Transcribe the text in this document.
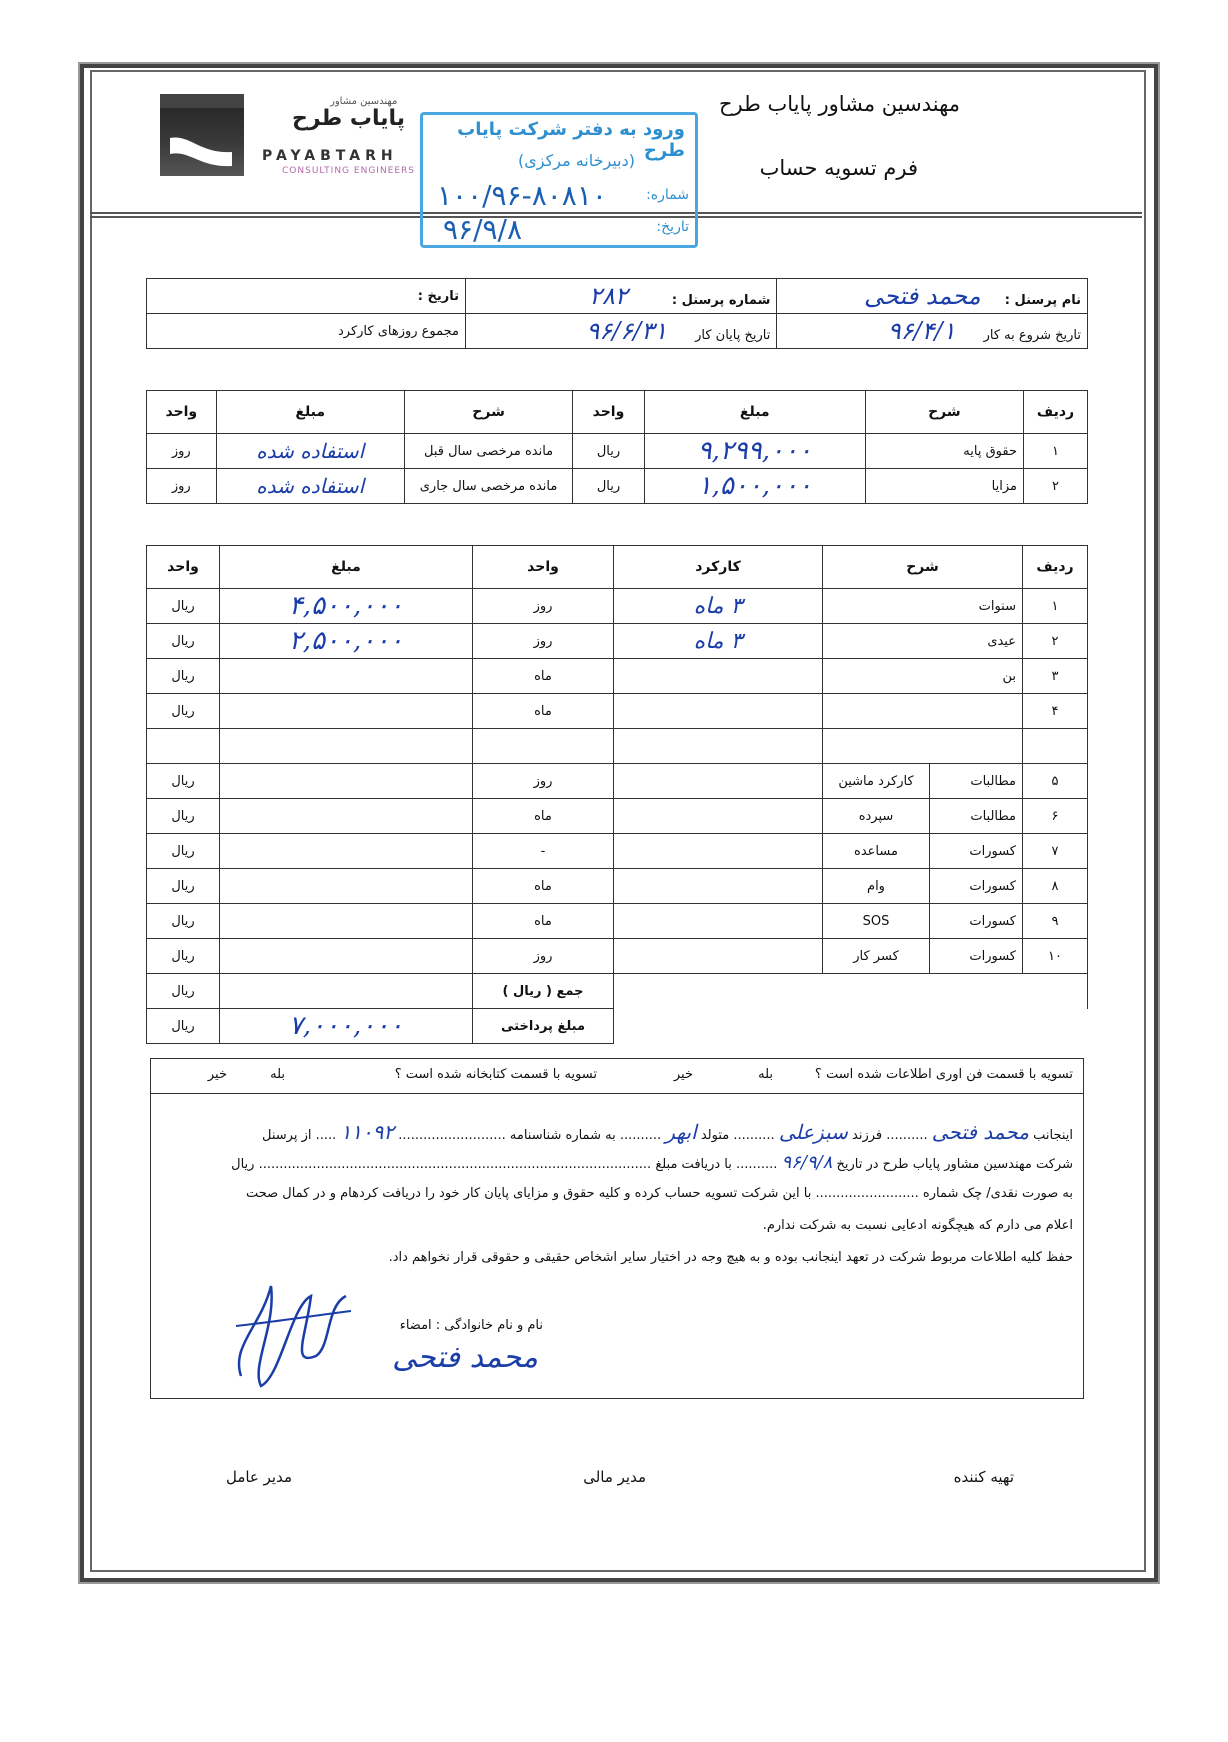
مهندسین مشاور
پایاب طرح
PAYABTARH
CONSULTING ENGINEERS
مهندسین مشاور پایاب طرح
فرم تسویه حساب
ورود به دفتر شرکت پایاب طرح
(دبیرخانه مرکزی)
شماره:
۱۰۰/۹۶-۸۰۸۱۰
تاریخ:
۹۶/۹/۸
نام پرسنل : محمد فتحی	شماره پرسنل : ۲۸۲	تاریخ :
تاریخ شروع به کار ۹۶/۴/۱	تاریخ پایان کار ۹۶/۶/۳۱	مجموع روزهای کارکرد
ردیف	شرح	مبلغ	واحد	شرح	مبلغ	واحد
۱	حقوق پایه	۹,۲۹۹,۰۰۰	ریال	مانده مرخصی سال قبل	استفاده شده	روز
۲	مزایا	۱,۵۰۰,۰۰۰	ریال	مانده مرخصی سال جاری	استفاده شده	روز
ردیف	شرح		کارکرد	واحد	مبلغ	واحد
۱	سنوات		۳ ماه	روز	۴,۵۰۰,۰۰۰	ریال
۲	عیدی		۳ ماه	روز	۲,۵۰۰,۰۰۰	ریال
۳	بن			ماه		ریال
۴				ماه		ریال

۵	مطالبات	کارکرد ماشین		روز		ریال
۶	مطالبات	سپرده		ماه		ریال
۷	کسورات	مساعده		-		ریال
۸	کسورات	وام		ماه		ریال
۹	کسورات	SOS		ماه		ریال
۱۰	کسورات	کسر کار		روز		ریال
				جمع ( ریال )		ریال
				مبلغ پرداختی	۷,۰۰۰,۰۰۰	ریال
تسویه با قسمت فن اوری اطلاعات شده است ؟
بله
خیر
تسویه با قسمت کتابخانه شده است ؟
بله
خیر
اینجانب محمد فتحی .......... فرزند سبزعلی .......... متولد ابهر .......... به شماره شناسنامه .......................... ۱۱۰۹۲ ..... از پرسنل
شرکت مهندسین مشاور پایاب طرح در تاریخ ۹۶/۹/۸ .......... با دریافت مبلغ ............................................................................................... ریال
به صورت نقدی/ چک شماره ......................... با این شرکت تسویه حساب کرده و کلیه حقوق و مزایای پایان کار خود را دریافت کردهام و در کمال صحت
اعلام می دارم که هیچگونه ادعایی نسبت به شرکت ندارم.
حفظ کلیه اطلاعات مربوط شرکت در تعهد اینجانب بوده و به هیچ وجه در اختیار سایر اشخاص حقیقی و حقوقی قرار نخواهم داد.
نام و نام خانوادگی : امضاء
محمد فتحی
تهیه کننده
مدیر مالی
مدیر عامل
